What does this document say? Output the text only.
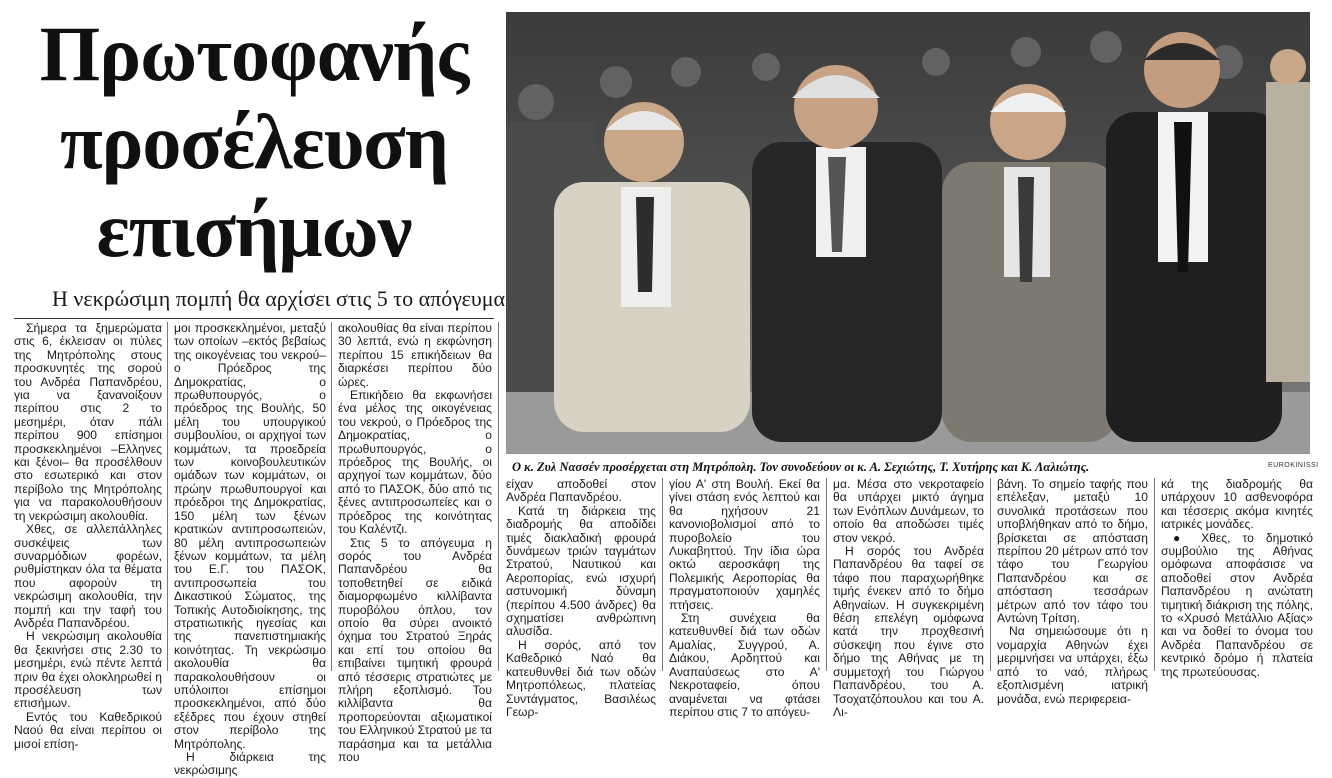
Πρωτοφανής
προσέλευση
επισήμων
Η νεκρώσιμη πομπή θα αρχίσει στις 5 το απόγευμα
Ο κ. Ζυλ Νασσέν προσέρχεται στη Μητρόπολη. Τον συνοδεύουν οι κ. Α. Σεχιώτης, Τ. Χυτήρης και Κ. Λαλιώτης.	EUROKINISSI

Σήμερα τα ξημερώματα στις 6, έκλεισαν οι πύλες της Μητρόπολης στους προσκυνητές της σορού του Ανδρέα Παπανδρέου, για να ξανανοίξουν περίπου στις 2 το μεσημέρι, όταν πάλι περίπου 900 επίσημοι προσκεκλημένοι –Ελληνες και ξένοι– θα προσέλθουν στο εσωτερικό και στον περίβολο της Μητρόπολης για να παρακολουθήσουν τη νεκρώσιμη ακολουθία.

Χθες, σε αλλεπάλληλες συσκέψεις των συναρμόδιων φορέων, ρυθμίστηκαν όλα τα θέματα που αφορούν τη νεκρώσιμη ακολουθία, την πομπή και την ταφή του Ανδρέα Παπανδρέου.

Η νεκρώσιμη ακολουθία θα ξεκινήσει στις 2.30 το μεσημέρι, ενώ πέντε λεπτά πριν θα έχει ολοκληρωθεί η προσέλευση των επισήμων.

Εντός του Καθεδρικού Ναού θα είναι περίπου οι μισοί επίση-

μοι προσκεκλημένοι, μεταξύ των οποίων –εκτός βεβαίως της οικογένειας του νεκρού– ο Πρόεδρος της Δημοκρατίας, ο πρωθυπουργός, ο πρόεδρος της Βουλής, 50 μέλη του υπουργικού συμβουλίου, οι αρχηγοί των κομμάτων, τα προεδρεία των κοινοβουλευτικών ομάδων των κομμάτων, οι πρώην πρωθυπουργοί και πρόεδροι της Δημοκρατίας, 150 μέλη των ξένων κρατικών αντιπροσωπειών, 80 μέλη αντιπροσωπειών ξένων κομμάτων, τα μέλη του Ε.Γ. του ΠΑΣΟΚ, αντιπροσωπεία του Δικαστικού Σώματος, της Τοπικής Αυτοδιοίκησης, της στρατιωτικής ηγεσίας και της πανεπιστημιακής κοινότητας. Τη νεκρώσιμο ακολουθία θα παρακολουθήσουν οι υπόλοιποι επίσημοι προσκεκλημένοι, από δύο εξέδρες που έχουν στηθεί στον περίβολο της Μητρόπολης.

Η διάρκεια της νεκρώσιμης

ακολουθίας θα είναι περίπου 30 λεπτά, ενώ η εκφώνηση περίπου 15 επικήδειων θα διαρκέσει περίπου δύο ώρες.

Επικήδειο θα εκφωνήσει ένα μέλος της οικογένειας του νεκρού, ο Πρόεδρος της Δημοκρατίας, ο πρωθυπουργός, ο πρόεδρος της Βουλής, οι αρχηγοί των κομμάτων, δύο από το ΠΑΣΟΚ, δύο από τις ξένες αντιπροσωπείες και ο πρόεδρος της κοινότητας του Καλέντζι.

Στις 5 το απόγευμα η σορός του Ανδρέα Παπανδρέου θα τοποθετηθεί σε ειδικά διαμορφωμένο κιλλίβαντα πυροβόλου όπλου, τον οποίο θα σύρει ανοικτό όχημα του Στρατού Ξηράς και επί του οποίου θα επιβαίνει τιμητική φρουρά από τέσσερις στρατιώτες με πλήρη εξοπλισμό. Του κιλλίβαντα θα προπορεύονται αξιωματικοί του Ελληνικού Στρατού με τα παράσημα και τα μετάλλια που

είχαν αποδοθεί στον Ανδρέα Παπανδρέου.

Κατά τη διάρκεια της διαδρομής θα αποδίδει τιμές διακλαδική φρουρά δυνάμεων τριών ταγμάτων Στρατού, Ναυτικού και Αεροπορίας, ενώ ισχυρή αστυνομική δύναμη (περίπου 4.500 άνδρες) θα σχηματίσει ανθρώπινη αλυσίδα.

Η σορός, από τον Καθεδρικό Ναό θα κατευθυνθεί διά των οδών Μητροπόλεως, πλατείας Συντάγματος, Βασιλέως Γεωρ-

γίου Α' στη Βουλή. Εκεί θα γίνει στάση ενός λεπτού και θα ηχήσουν 21 κανονιοβολισμοί από το πυροβολείο του Λυκαβηττού. Την ίδια ώρα οκτώ αεροσκάφη της Πολεμικής Αεροπορίας θα πραγματοποιούν χαμηλές πτήσεις.

Στη συνέχεια θα κατευθυνθεί διά των οδών Αμαλίας, Συγγρού, Α. Διάκου, Αρδηττού και Αναπαύσεως στο Α' Νεκροταφείο, όπου αναμένεται να φτάσει περίπου στις 7 το απόγευ-

μα. Μέσα στο νεκροταφείο θα υπάρχει μικτό άγημα των Ενόπλων Δυνάμεων, το οποίο θα αποδώσει τιμές στον νεκρό.

Η σορός του Ανδρέα Παπανδρέου θα ταφεί σε τάφο που παραχωρήθηκε τιμής ένεκεν από το δήμο Αθηναίων. Η συγκεκριμένη θέση επελέγη ομόφωνα κατά την προχθεσινή σύσκεψη που έγινε στο δήμο της Αθήνας με τη συμμετοχή του Γιώργου Παπανδρέου, του Α. Τσοχατζόπουλου και του Α. Λι-

βάνη. Το σημείο ταφής που επέλεξαν, μεταξύ 10 συνολικά προτάσεων που υποβλήθηκαν από το δήμο, βρίσκεται σε απόσταση περίπου 20 μέτρων από τον τάφο του Γεωργίου Παπανδρέου και σε απόσταση τεσσάρων μέτρων από τον τάφο του Αντώνη Τρίτση.

Να σημειώσουμε ότι η νομαρχία Αθηνών έχει μεριμνήσει να υπάρχει, έξω από το ναό, πλήρως εξοπλισμένη ιατρική μονάδα, ενώ περιφερεια-

κά της διαδρομής θα υπάρχουν 10 ασθενοφόρα και τέσσερις ακόμα κινητές ιατρικές μονάδες.

● Χθες, το δημοτικό συμβούλιο της Αθήνας ομόφωνα αποφάσισε να αποδοθεί στον Ανδρέα Παπανδρέου η ανώτατη τιμητική διάκριση της πόλης, το «Χρυσό Μετάλλιο Αξίας» και να δοθεί το όνομα του Ανδρέα Παπανδρέου σε κεντρικό δρόμο ή πλατεία της πρωτεύουσας.
